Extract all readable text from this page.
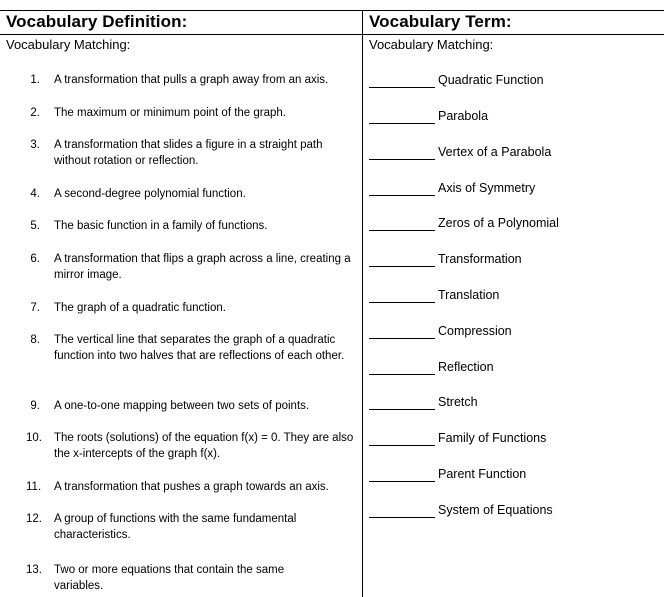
Vocabulary Definition:	Vocabulary Term:
Vocabulary Matching:	Vocabulary Matching:
1. A transformation that pulls a graph away from an axis.
2. The maximum or minimum point of the graph.
3. A transformation that slides a figure in a straight path without rotation or reflection.
4. A second-degree polynomial function.
5. The basic function in a family of functions.
6. A transformation that flips a graph across a line, creating a mirror image.
7. The graph of a quadratic function.
8. The vertical line that separates the graph of a quadratic function into two halves that are reflections of each other.
9. A one-to-one mapping between two sets of points.
10. The roots (solutions) of the equation f(x) = 0. They are also the x-intercepts of the graph f(x).
11. A transformation that pushes a graph towards an axis.
12. A group of functions with the same fundamental characteristics.
13. Two or more equations that contain the same variables.
Quadratic Function
Parabola
Vertex of a Parabola
Axis of Symmetry
Zeros of a Polynomial
Transformation
Translation
Compression
Reflection
Stretch
Family of Functions
Parent Function
System of Equations
